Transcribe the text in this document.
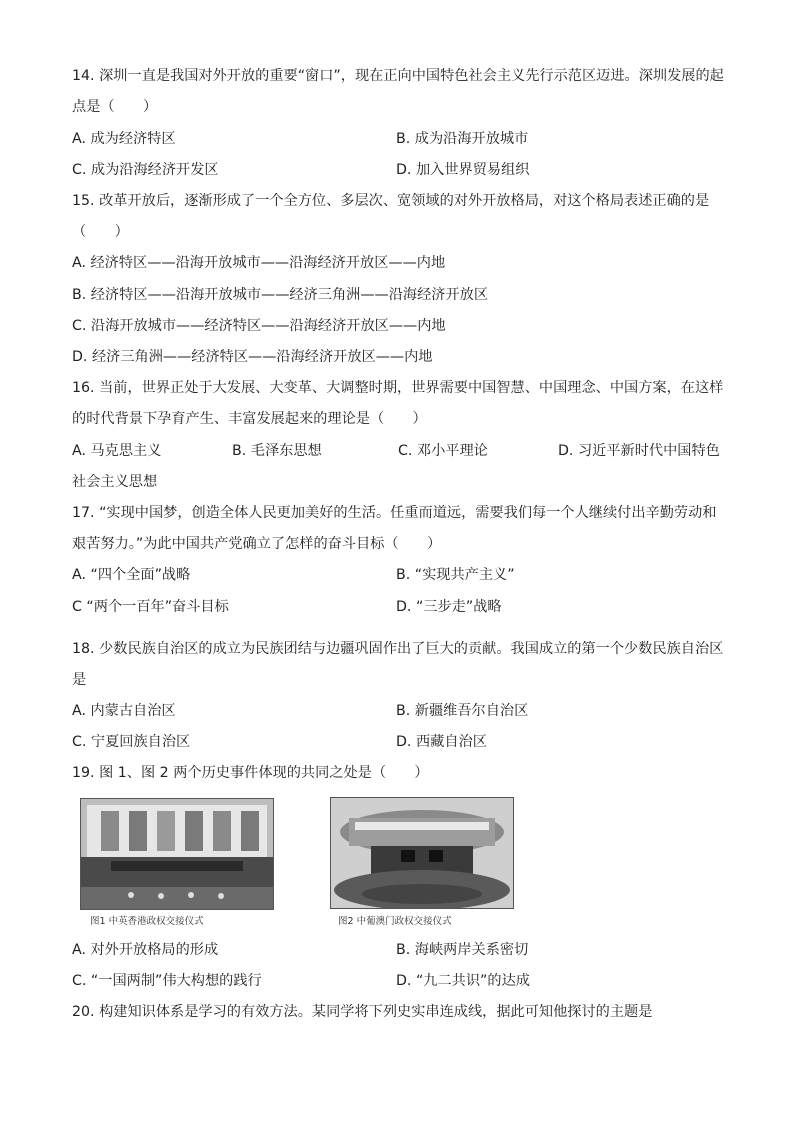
14. 深圳一直是我国对外开放的重要“窗口”，现在正向中国特色社会主义先行示范区迈进。深圳发展的起
点是（　　）
A. 成为经济特区	B. 成为沿海开放城市
C. 成为沿海经济开发区	D. 加入世界贸易组织
15. 改革开放后，逐渐形成了一个全方位、多层次、宽领域的对外开放格局，对这个格局表述正确的是
（　　）
A. 经济特区——沿海开放城市——沿海经济开放区——内地
B. 经济特区——沿海开放城市——经济三角洲——沿海经济开放区
C. 沿海开放城市——经济特区——沿海经济开放区——内地
D. 经济三角洲——经济特区——沿海经济开放区——内地
16. 当前，世界正处于大发展、大变革、大调整时期，世界需要中国智慧、中国理念、中国方案，在这样
的时代背景下孕育产生、丰富发展起来的理论是（　　）
A. 马克思主义	B. 毛泽东思想	C. 邓小平理论	D. 习近平新时代中国特色
社会主义思想
17. “实现中国梦，创造全体人民更加美好的生活。任重而道远，需要我们每一个人继续付出辛勤劳动和
艰苦努力。”为此中国共产党确立了怎样的奋斗目标（　　）
A. “四个全面”战略	B. “实现共产主义”
C “两个一百年”奋斗目标	D. “三步走”战略
18. 少数民族自治区的成立为民族团结与边疆巩固作出了巨大的贡献。我国成立的第一个少数民族自治区
是
A. 内蒙古自治区	B. 新疆维吾尔自治区
C. 宁夏回族自治区	D. 西藏自治区
19. 图 1、图 2 两个历史事件体现的共同之处是（　　）
图1 中英香港政权交接仪式	图2 中葡澳门政权交接仪式
A. 对外开放格局的形成	B. 海峡两岸关系密切
C. “一国两制”伟大构想的践行	D. “九二共识”的达成
20. 构建知识体系是学习的有效方法。某同学将下列史实串连成线，据此可知他探讨的主题是
